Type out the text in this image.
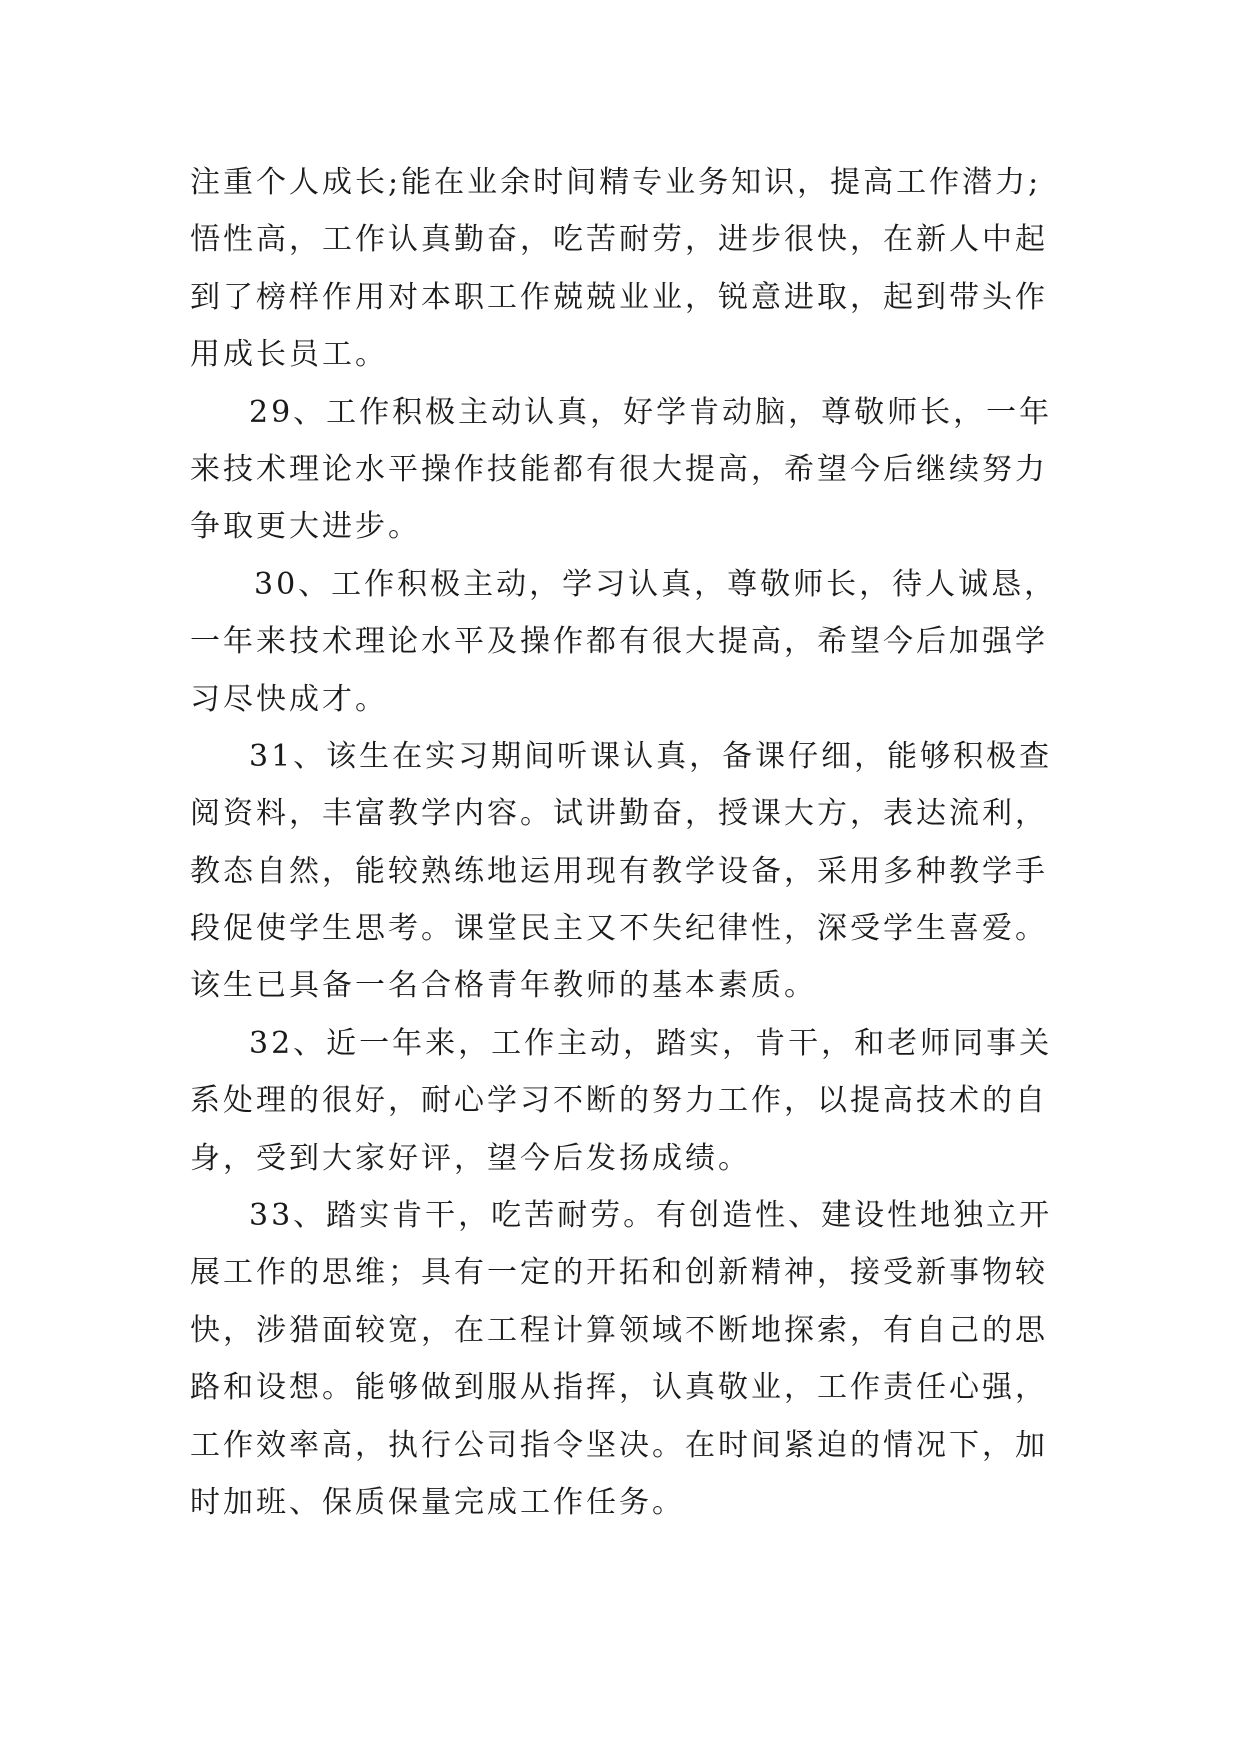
注重个人成长;能在业余时间精专业务知识，提高工作潜力;
悟性高，工作认真勤奋，吃苦耐劳，进步很快，在新人中起
到了榜样作用对本职工作兢兢业业，锐意进取，起到带头作
用成长员工。
29、工作积极主动认真，好学肯动脑，尊敬师长，一年
来技术理论水平操作技能都有很大提高，希望今后继续努力
争取更大进步。
30、工作积极主动，学习认真，尊敬师长，待人诚恳，
一年来技术理论水平及操作都有很大提高，希望今后加强学
习尽快成才。
31、该生在实习期间听课认真，备课仔细，能够积极查
阅资料，丰富教学内容。试讲勤奋，授课大方，表达流利，
教态自然，能较熟练地运用现有教学设备，采用多种教学手
段促使学生思考。课堂民主又不失纪律性，深受学生喜爱。
该生已具备一名合格青年教师的基本素质。
32、近一年来，工作主动，踏实，肯干，和老师同事关
系处理的很好，耐心学习不断的努力工作，以提高技术的自
身，受到大家好评，望今后发扬成绩。
33、踏实肯干，吃苦耐劳。有创造性、建设性地独立开
展工作的思维；具有一定的开拓和创新精神，接受新事物较
快，涉猎面较宽，在工程计算领域不断地探索，有自己的思
路和设想。能够做到服从指挥，认真敬业，工作责任心强，
工作效率高，执行公司指令坚决。在时间紧迫的情况下，加
时加班、保质保量完成工作任务。
